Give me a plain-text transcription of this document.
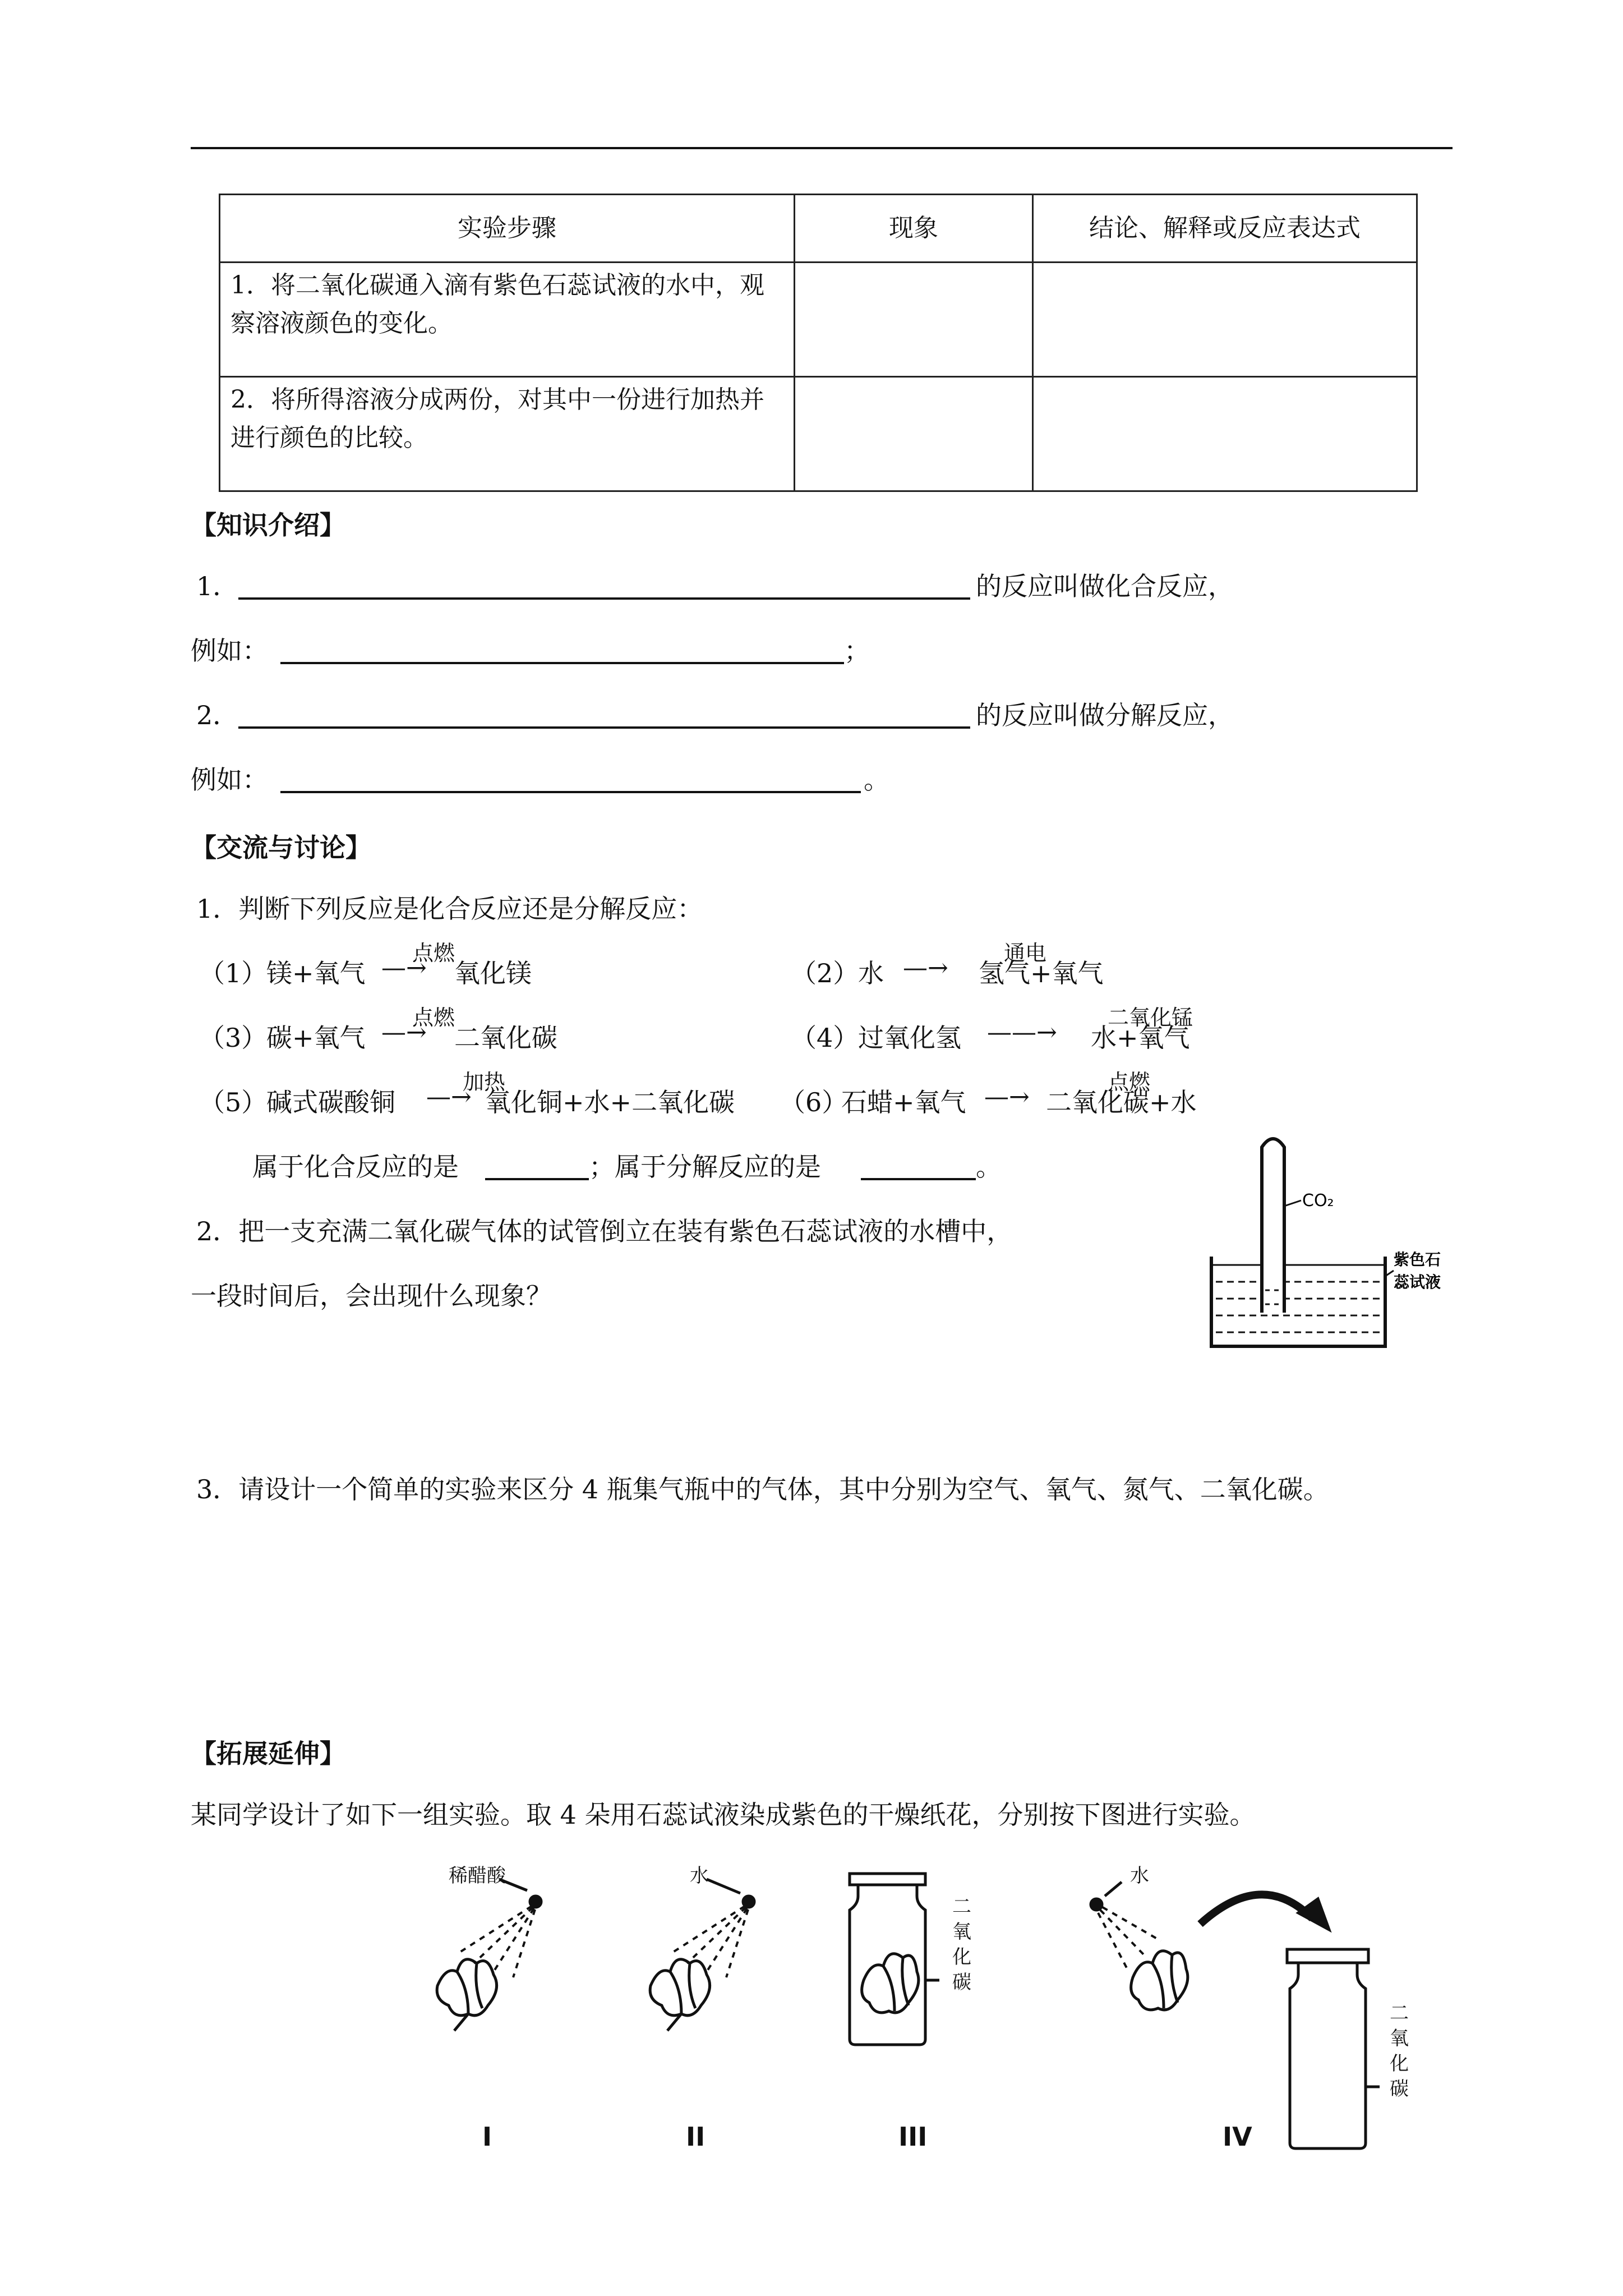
实验步骤	现象	结论、解释或反应表达式
1．将二氧化碳通入滴有紫色石蕊试液的水中，观察溶液颜色的变化。		
2．将所得溶液分成两份，对其中一份进行加热并进行颜色的比较。		
【知识介绍】
1．	的反应叫做化合反应，
例如：	；
2．	的反应叫做分解反应，
例如：	。
【交流与讨论】
1．判断下列反应是化合反应还是分解反应：
（1）
镁+氧气
点燃
—→ 氧化镁	（2）
水
通电
—→ 氢气+氧气
（3）
碳+氧气
点燃
—→ 二氧化碳	（4）
过氧化氢
二氧化锰
——→ 水+氧气
（5）
碱式碳酸铜
加热
—→ 氧化铜+水+二氧化碳 （6）
石蜡+氧气
点燃
—→ 二氧化碳+水
属于化合反应的是	；属于分解反应的是	。
2．把一支充满二氧化碳气体的试管倒立在装有紫色石蕊试液的水槽中，
一段时间后，会出现什么现象？
CO₂
紫色石
蕊试液
3．请设计一个简单的实验来区分 4 瓶集气瓶中的气体，其中分别为空气、氧气、氮气、二氧化碳。
【拓展延伸】
某同学设计了如下一组实验。取 4 朵用石蕊试液染成紫色的干燥纸花，分别按下图进行实验。
稀醋酸	水	水
二
氧
化
碳
二
氧
化
碳
I	II	III	IV
